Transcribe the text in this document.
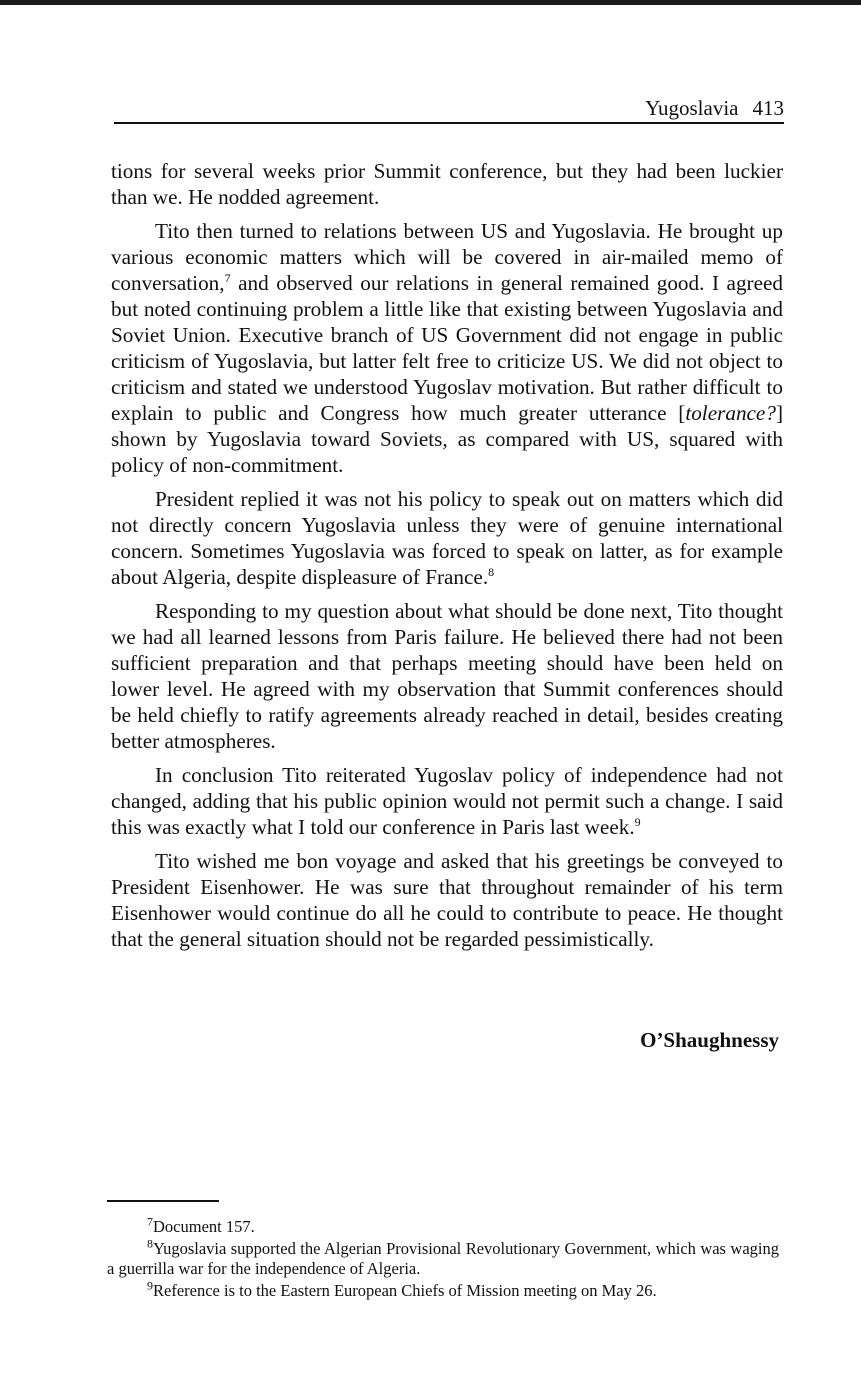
Yugoslavia 413

tions for several weeks prior Summit conference, but they had been luckier than we. He nodded agreement.

Tito then turned to relations between US and Yugoslavia. He brought up various economic matters which will be covered in air-mailed memo of conversation,$^7$ and observed our relations in general remained good. I agreed but noted continuing problem a little like that existing between Yugoslavia and Soviet Union. Executive branch of US Government did not engage in public criticism of Yugoslavia, but latter felt free to criticize US. We did not object to criticism and stated we understood Yugoslav motivation. But rather difficult to explain to public and Congress how much greater utterance [tolerance?] shown by Yugoslavia toward Soviets, as compared with US, squared with policy of non-commitment.

President replied it was not his policy to speak out on matters which did not directly concern Yugoslavia unless they were of genuine international concern. Sometimes Yugoslavia was forced to speak on latter, as for example about Algeria, despite displeasure of France.$^8$

Responding to my question about what should be done next, Tito thought we had all learned lessons from Paris failure. He believed there had not been sufficient preparation and that perhaps meeting should have been held on lower level. He agreed with my observation that Summit conferences should be held chiefly to ratify agreements already reached in detail, besides creating better atmospheres.

In conclusion Tito reiterated Yugoslav policy of independence had not changed, adding that his public opinion would not permit such a change. I said this was exactly what I told our conference in Paris last week.$^9$

Tito wished me bon voyage and asked that his greetings be conveyed to President Eisenhower. He was sure that throughout remainder of his term Eisenhower would continue do all he could to contribute to peace. He thought that the general situation should not be regarded pessimistically.

O’Shaughnessy

$^7$Document 157.

$^8$Yugoslavia supported the Algerian Provisional Revolutionary Government, which was waging a guerrilla war for the independence of Algeria.

$^9$Reference is to the Eastern European Chiefs of Mission meeting on May 26.
